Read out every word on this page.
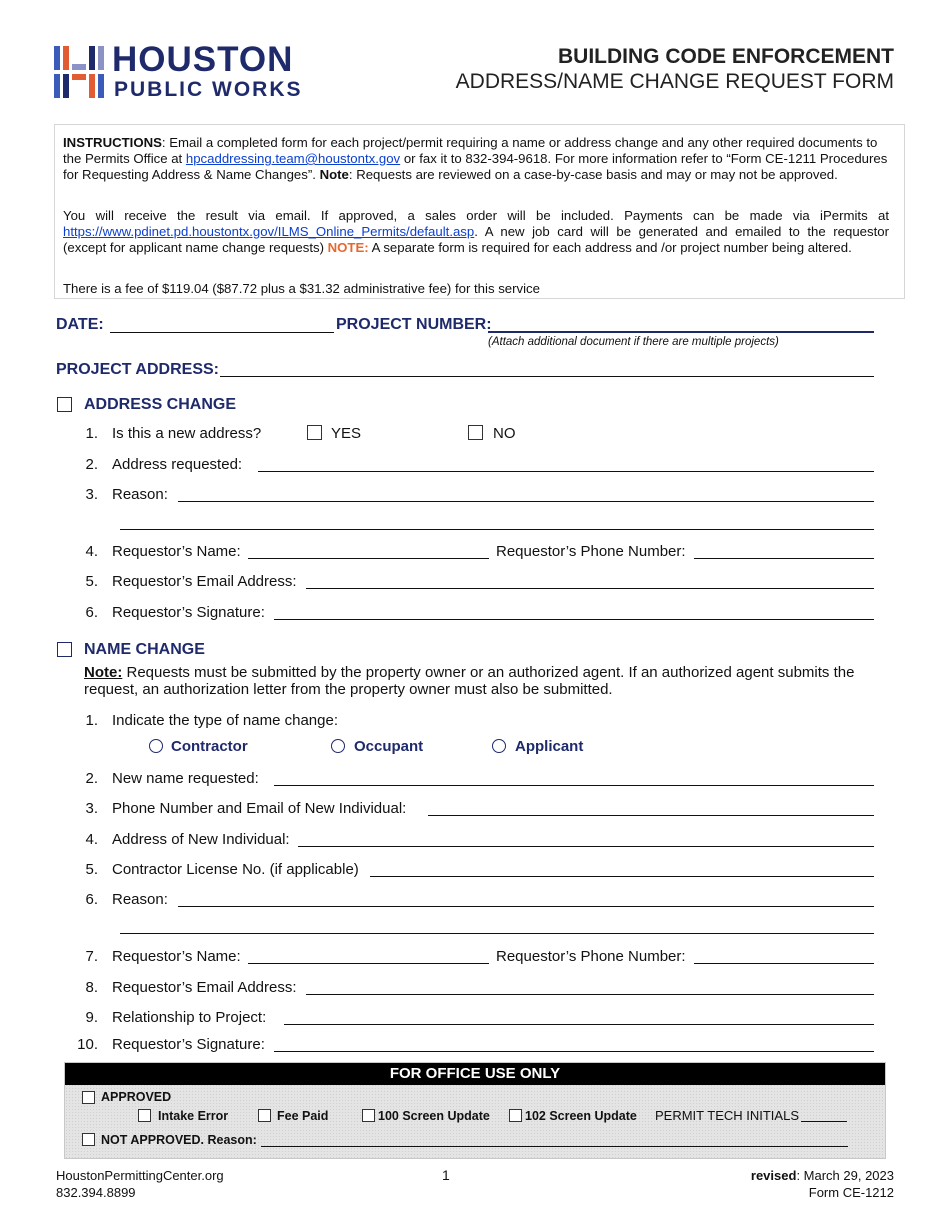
HOUSTON
PUBLIC WORKS
BUILDING CODE ENFORCEMENT
ADDRESS/NAME CHANGE REQUEST FORM

INSTRUCTIONS: Email a completed form for each project/permit requiring a name or address change and any other required documents to the Permits Office at hpcaddressing.team@houstontx.gov or fax it to 832-394-9618. For more information refer to “Form CE-1211 Procedures for Requesting Address & Name Changes”. Note: Requests are reviewed on a case-by-case basis and may or may not be approved.

You will receive the result via email. If approved, a sales order will be included. Payments can be made via iPermits at https://www.pdinet.pd.houstontx.gov/ILMS_Online_Permits/default.asp. A new job card will be generated and emailed to the requestor (except for applicant name change requests) NOTE: A separate form is required for each address and /or project number being altered.

There is a fee of $119.04 ($87.72 plus a $31.32 administrative fee) for this service

DATE:	PROJECT NUMBER:
(Attach additional document if there are multiple projects)
PROJECT ADDRESS:
ADDRESS CHANGE
1. Is this a new address?	YES	NO
2. Address requested:
3. Reason:
4. Requestor’s Name:	Requestor’s Phone Number:
5. Requestor’s Email Address:
6. Requestor’s Signature:
NAME CHANGE
Note: Requests must be submitted by the property owner or an authorized agent. If an authorized agent submits the request, an authorization letter from the property owner must also be submitted.
1. Indicate the type of name change:
Contractor	Occupant	Applicant
2. New name requested:
3. Phone Number and Email of New Individual:
4. Address of New Individual:
5. Contractor License No. (if applicable)
6. Reason:
7. Requestor’s Name:	Requestor’s Phone Number:
8. Requestor’s Email Address:
9. Relationship to Project:
10. Requestor’s Signature:
FOR OFFICE USE ONLY
APPROVED
Intake Error	Fee Paid	100 Screen Update	102 Screen Update PERMIT TECH INITIALS
NOT APPROVED. Reason:
HoustonPermittingCenter.org
832.394.8899
1	revised: March 29, 2023
Form CE-1212
